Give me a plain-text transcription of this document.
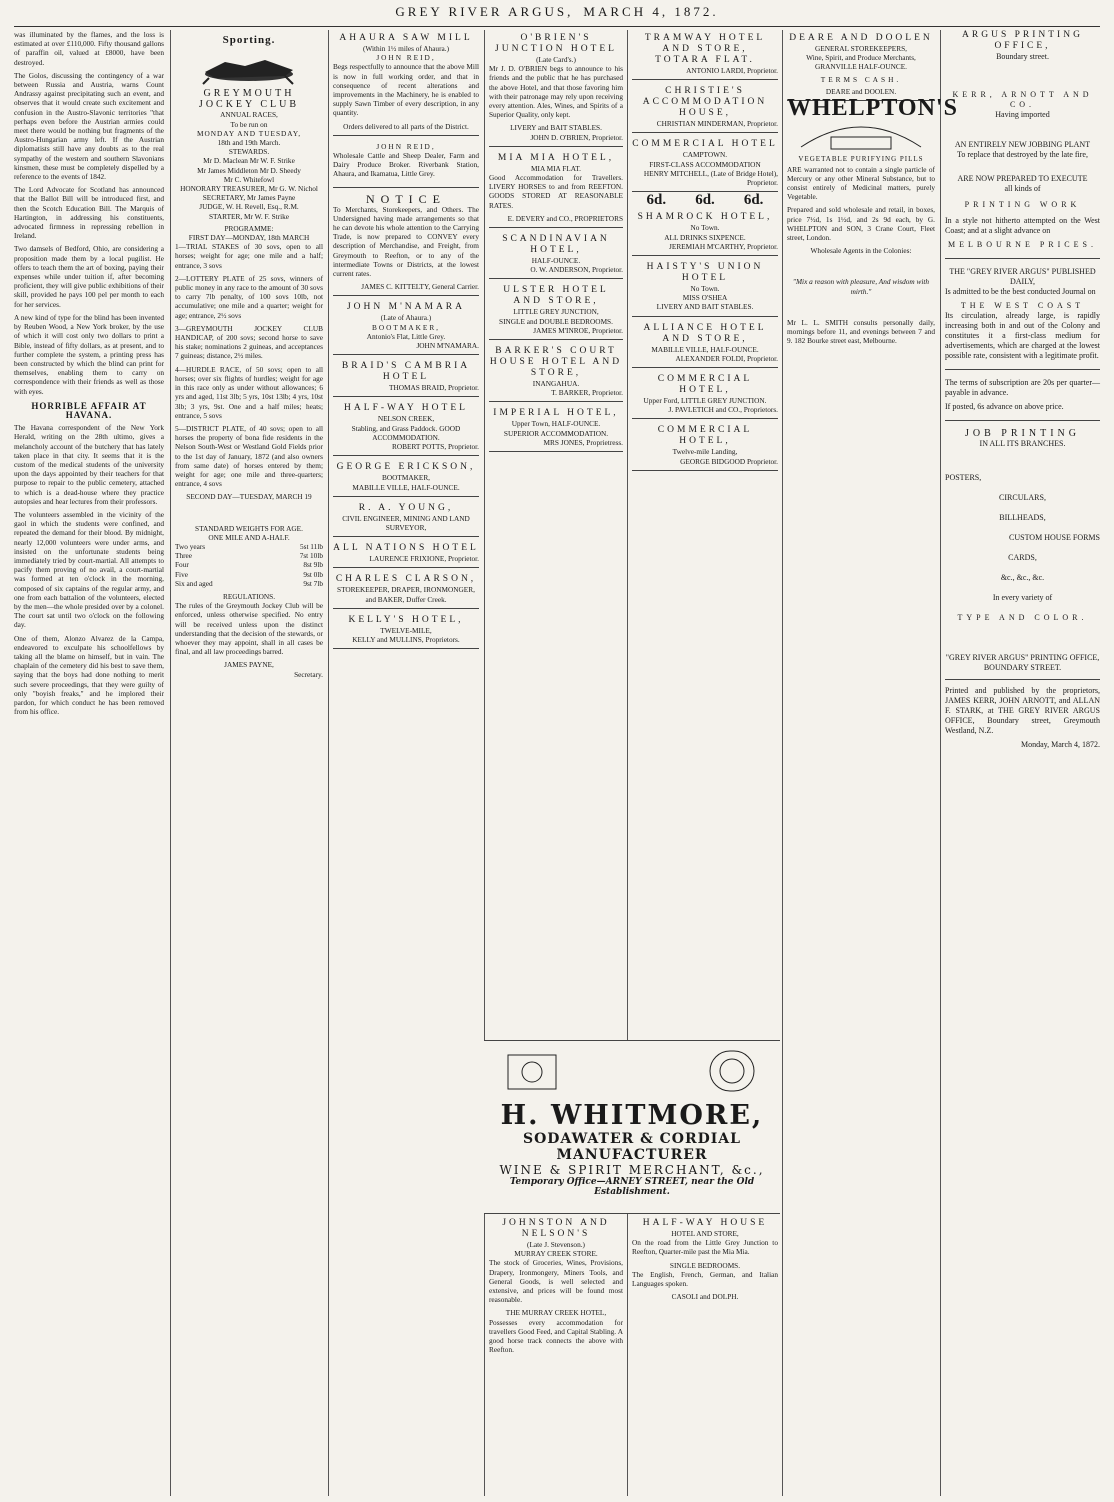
GREY RIVER ARGUS, MARCH 4, 1872.

was illuminated by the flames, and the loss is estimated at over £110,000. Fifty thousand gallons of paraffin oil, valued at £8000, have been destroyed.

The Golos, discussing the contingency of a war between Russia and Austria, warns Count Andrassy against precipitating such an event, and observes that it would create such excitement and confusion in the Austro-Slavonic territories "that perhaps even before the Austrian armies could meet there would be nothing but fragments of the Austro-Hungarian army left. If the Austrian diplomatists still have any doubts as to the real sympathy of the western and southern Slavonians kinsmen, these must be completely dispelled by a reference to the events of 1842.

The Lord Advocate for Scotland has announced that the Ballot Bill will be introduced first, and then the Scotch Education Bill. The Marquis of Hartington, in addressing his constituents, advocated firmness in repressing rebellion in Ireland.

Two damsels of Bedford, Ohio, are considering a proposition made them by a local pugilist. He offers to teach them the art of boxing, paying their expenses while under tuition if, after becoming proficient, they will give public exhibitions of their skill, provided he pays 100 pel per month to each for her services.

A new kind of type for the blind has been invented by Reuben Wood, a New York broker, by the use of which it will cost only two dollars to print a Bible, instead of fifty dollars, as at present, and to further complete the system, a printing press has been constructed by which the blind can print for themselves, enabling them to carry on correspondence with their friends as well as those with eyes.

HORRIBLE AFFAIR AT HAVANA.

The Havana correspondent of the New York Herald, writing on the 28th ultimo, gives a melancholy account of the butchery that has lately taken place in that city. It seems that it is the custom of the medical students of the university upon the days appointed by their teachers for that purpose to repair to the public cemetery, attached to which is a dead-house where they practice autopsies and hear lectures from their professors.

The volunteers assembled in the vicinity of the gaol in which the students were confined, and repeated the demand for their blood. By midnight, nearly 12,000 volunteers were under arms, and insisted on the unfortunate students being immediately tried by court-martial. All attempts to pacify them proving of no avail, a court-martial was formed at ten o'clock in the morning, composed of six captains of the regular army, and one from each battalion of the volunteers, elected by the men—the whole presided over by a colonel. The court sat until two o'clock on the following day.

One of them, Alonzo Alvarez de la Campa, endeavored to exculpate his schoolfellows by taking all the blame on himself, but in vain. The chaplain of the cemetery did his best to save them, saying that the boys had done nothing to merit such severe proceedings, that they were guilty of only "boyish freaks," and he implored their pardon, for which conduct he has been removed from his office.

Sporting.
GREYMOUTH JOCKEY CLUB
ANNUAL RACES,
To be run on
MONDAY AND TUESDAY,
18th and 19th March.
STEWARDS.
Mr D. Maclean Mr W. F. Strike
Mr James Middleton Mr D. Sheedy
Mr C. Whitefowl
HONORARY TREASURER, Mr G. W. Nichol
SECRETARY, Mr James Payne
JUDGE, W. H. Revell, Esq., R.M.
STARTER, Mr W. F. Strike
PROGRAMME:
FIRST DAY—MONDAY, 18th MARCH

1—TRIAL STAKES of 30 sovs, open to all horses; weight for age; one mile and a half; entrance, 3 sovs

2—LOTTERY PLATE of 25 sovs, winners of public money in any race to the amount of 30 sovs to carry 7lb penalty, of 100 sovs 10lb, not accumulative; one mile and a quarter; weight for age; entrance, 2½ sovs

3—GREYMOUTH JOCKEY CLUB HANDICAP, of 200 sovs; second horse to save his stake; nominations 2 guineas, and acceptances 7 guineas; distance, 2½ miles.

4—HURDLE RACE, of 50 sovs; open to all horses; over six flights of hurdles; weight for age in this race only as under without allowances; 6 yrs and aged, 11st 3lb; 5 yrs, 10st 13lb; 4 yrs, 10st 3lb; 3 yrs, 9st. One and a half miles; heats; entrance, 5 sovs

5—DISTRICT PLATE, of 40 sovs; open to all horses the property of bona fide residents in the Nelson South-West or Westland Gold Fields prior to the 1st day of January, 1872 (and also owners from same date) of horses entered by them; weight for age; one mile and three-quarters; entrance, 4 sovs

SECOND DAY—TUESDAY, MARCH 19
STANDARD WEIGHTS FOR AGE.
ONE MILE AND A-HALF.
Two years	5st 11lb
Three	7st 10lb
Four	8st 9lb
Five	9st 0lb
Six and aged	9st 7lb
REGULATIONS.

The rules of the Greymouth Jockey Club will be enforced, unless otherwise specified. No entry will be received unless upon the distinct understanding that the decision of the stewards, or whoever they may appoint, shall in all cases be final, and all law proceedings barred.

JAMES PAYNE,
Secretary.
AHAURA SAW MILL
(Within 1½ miles of Ahaura.)
JOHN REID,

Begs respectfully to announce that the above Mill is now in full working order, and that in consequence of recent alterations and improvements in the Machinery, he is enabled to supply Sawn Timber of every description, in any quantity.

Orders delivered to all parts of the District.
JOHN REID,

Wholesale Cattle and Sheep Dealer, Farm and Dairy Produce Broker. Riverbank Station, Ahaura, and Ikamatua, Little Grey.

NOTICE

To Merchants, Storekeepers, and Others. The Undersigned having made arrangements so that he can devote his whole attention to the Carrying Trade, is now prepared to CONVEY every description of Merchandise, and Freight, from Greymouth to Reefton, or to any of the intermediate Towns or Districts, at the lowest current rates.

JAMES C. KITTELTY, General Carrier.
JOHN M'NAMARA
(Late of Ahaura.)
BOOTMAKER,
Antonio's Flat, Little Grey.
JOHN M'NAMARA.
BRAID'S CAMBRIA HOTEL
THOMAS BRAID, Proprietor.
HALF-WAY HOTEL
NELSON CREEK,
Stabling, and Grass Paddock. GOOD ACCOMMODATION.
ROBERT POTTS, Proprietor.
GEORGE ERICKSON,
BOOTMAKER,
MABILLE VILLE, HALF-OUNCE.
R. A. YOUNG,
CIVIL ENGINEER, MINING AND LAND SURVEYOR,
ALL NATIONS HOTEL
LAURENCE FRIXIONE, Proprietor.
CHARLES CLARSON,
STOREKEEPER, DRAPER, IRONMONGER, and BAKER, Duffer Creek.
KELLY'S HOTEL,
TWELVE-MILE,
KELLY and MULLINS, Proprietors.
O'BRIEN'S JUNCTION HOTEL
(Late Card's.)

Mr J. D. O'BRIEN begs to announce to his friends and the public that he has purchased the above Hotel, and that those favoring him with their patronage may rely upon receiving every attention. Ales, Wines, and Spirits of a Superior Quality, only kept.

LIVERY and BAIT STABLES.
JOHN D. O'BRIEN, Proprietor.
MIA MIA HOTEL,
MIA MIA FLAT.

Good Accommodation for Travellers. LIVERY HORSES to and from REEFTON. GOODS STORED AT REASONABLE RATES.

E. DEVERY and CO., PROPRIETORS
SCANDINAVIAN HOTEL,
HALF-OUNCE.
O. W. ANDERSON, Proprietor.
ULSTER HOTEL AND STORE,
LITTLE GREY JUNCTION,
SINGLE and DOUBLE BEDROOMS.
JAMES M'INROE, Proprietor.
BARKER'S COURT HOUSE HOTEL AND STORE,
INANGAHUA.
T. BARKER, Proprietor.
IMPERIAL HOTEL,
Upper Town, HALF-OUNCE.
SUPERIOR ACCOMMODATION.
MRS JONES, Proprietress.
TRAMWAY HOTEL AND STORE, TOTARA FLAT.
ANTONIO LARDI, Proprietor.
CHRISTIE'S ACCOMMODATION HOUSE,
CHRISTIAN MINDERMAN, Proprietor.
COMMERCIAL HOTEL
CAMPTOWN.
FIRST-CLASS ACCOMMODATION
HENRY MITCHELL, (Late of Bridge Hotel), Proprietor.
6d. 6d. 6d.
SHAMROCK HOTEL,
No Town.
ALL DRINKS SIXPENCE.
JEREMIAH M'CARTHY, Proprietor.
HAISTY'S UNION HOTEL
No Town.
MISS O'SHEA
LIVERY AND BAIT STABLES.
ALLIANCE HOTEL AND STORE,
MABILLE VILLE, HALF-OUNCE.
ALEXANDER FOLDI, Proprietor.
COMMERCIAL HOTEL,
Upper Ford, LITTLE GREY JUNCTION.
J. PAVLETICH and CO., Proprietors.
COMMERCIAL HOTEL,
Twelve-mile Landing,
GEORGE BIDGOOD Proprietor.
H. WHITMORE,
SODAWATER & CORDIAL MANUFACTURER
WINE & SPIRIT MERCHANT, &c.,
Temporary Office—ARNEY STREET, near the Old Establishment.
JOHNSTON AND NELSON'S
(Late J. Stevenson.)
MURRAY CREEK STORE.

The stock of Groceries, Wines, Provisions, Drapery, Ironmongery, Miners Tools, and General Goods, is well selected and extensive, and prices will be found most reasonable.

THE MURRAY CREEK HOTEL,

Possesses every accommodation for travellers Good Feed, and Capital Stabling. A good horse track connects the above with Reefton.

HALF-WAY HOUSE
HOTEL AND STORE,

On the road from the Little Grey Junction to Reefton, Quarter-mile past the Mia Mia.

SINGLE BEDROOMS.

The English, French, German, and Italian Languages spoken.

CASOLI and DOLPH.
DEARE AND DOOLEN
GENERAL STOREKEEPERS,
Wine, Spirit, and Produce Merchants,
GRANVILLE HALF-OUNCE.
TERMS CASH.
DEARE and DOOLEN.
WHELPTON'S
VEGETABLE PURIFYING PILLS

ARE warranted not to contain a single particle of Mercury or any other Mineral Substance, but to consist entirely of Medicinal matters, purely Vegetable.

Prepared and sold wholesale and retail, in boxes, price 7½d, 1s 1½d, and 2s 9d each, by G. WHELPTON and SON, 3 Crane Court, Fleet street, London.

Wholesale Agents in the Colonies:
"Mix a reason with pleasure, And wisdom with mirth."

Mr L. L. SMITH consults personally daily, mornings before 11, and evenings between 7 and 9. 182 Bourke street east, Melbourne.

ARGUS PRINTING OFFICE,
Boundary street.
KERR, ARNOTT AND CO.
Having imported
AN ENTIRELY NEW JOBBING PLANT
To replace that destroyed by the late fire,
ARE NOW PREPARED TO EXECUTE
all kinds of
PRINTING WORK

In a style not hitherto attempted on the West Coast; and at a slight advance on

MELBOURNE PRICES.
THE "GREY RIVER ARGUS" PUBLISHED DAILY,

Is admitted to be the best conducted Journal on

THE WEST COAST

Its circulation, already large, is rapidly increasing both in and out of the Colony and constitutes it a first-class medium for advertisements, which are charged at the lowest possible rate, consistent with a legitimate profit.

The terms of subscription are 20s per quarter—payable in advance.

If posted, 6s advance on above price.

JOB PRINTING
IN ALL ITS BRANCHES.
POSTERS,
CIRCULARS,
BILLHEADS,
CUSTOM HOUSE FORMS
CARDS,
&c., &c., &c.
In every variety of
TYPE AND COLOR.
"GREY RIVER ARGUS" PRINTING OFFICE,
BOUNDARY STREET.

Printed and published by the proprietors, JAMES KERR, JOHN ARNOTT, and ALLAN F. STARK, at THE GREY RIVER ARGUS OFFICE, Boundary street, Greymouth Westland, N.Z.

Monday, March 4, 1872.
